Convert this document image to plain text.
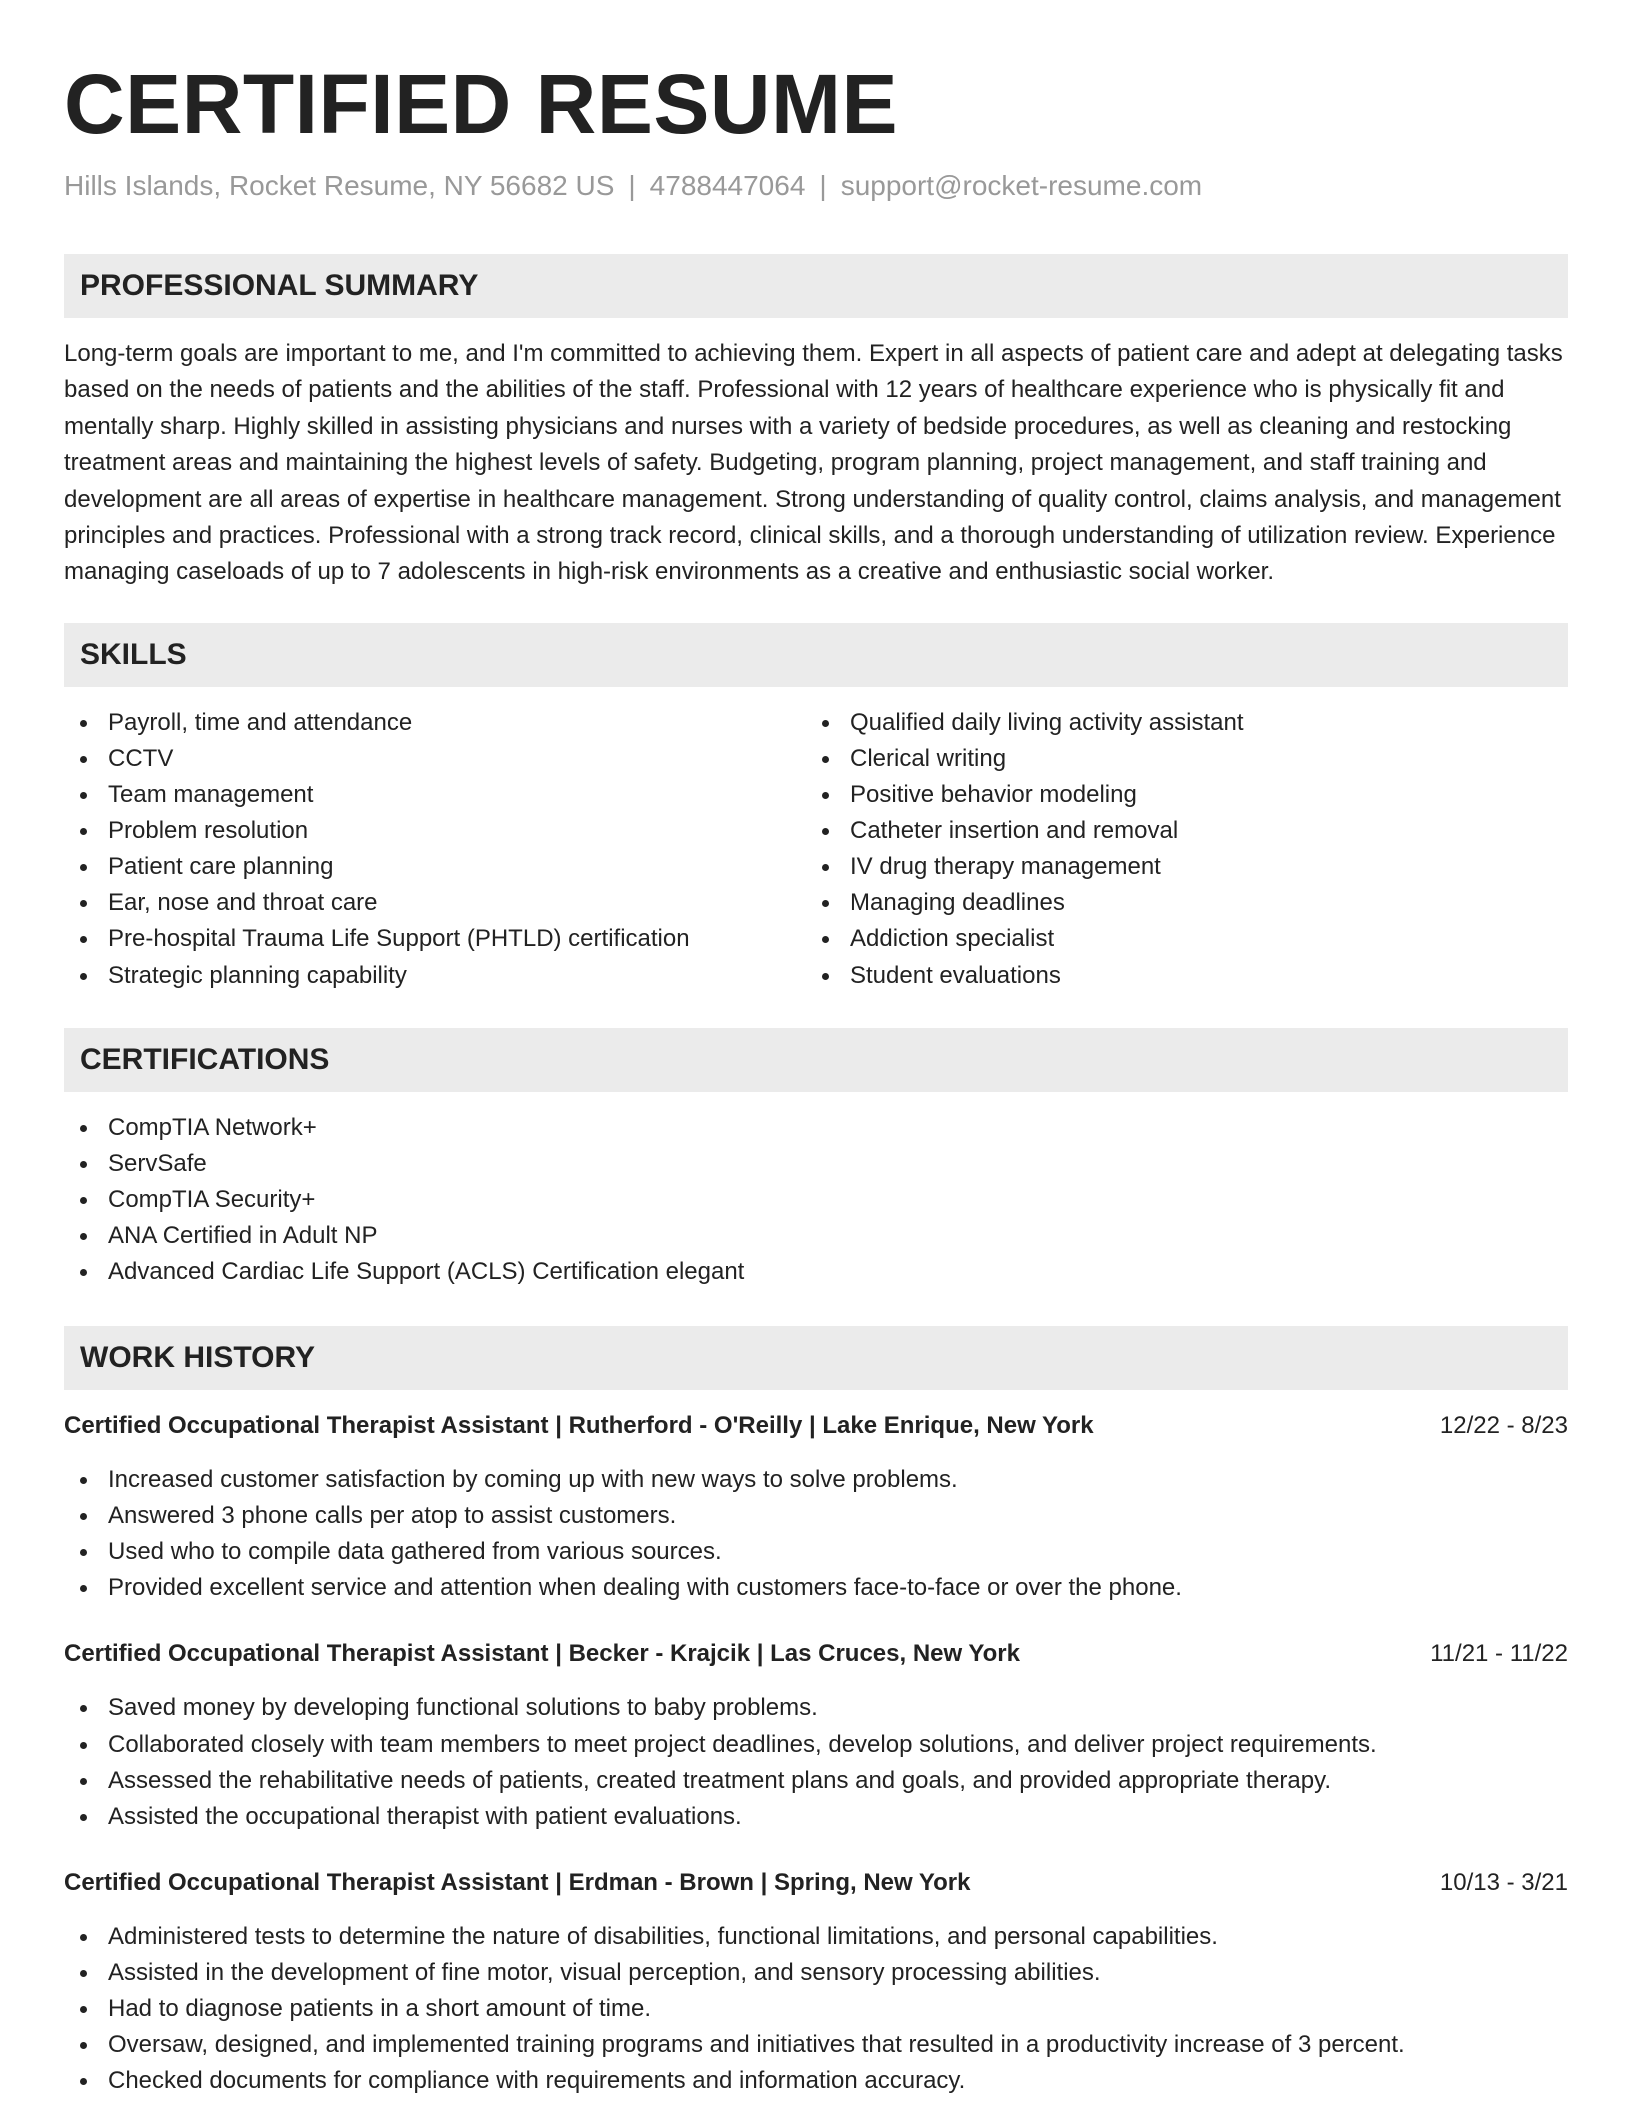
CERTIFIED RESUME
Hills Islands, Rocket Resume, NY 56682 US | 4788447064 | support@rocket-resume.com
PROFESSIONAL SUMMARY

Long-term goals are important to me, and I'm committed to achieving them. Expert in all aspects of patient care and adept at delegating tasks based on the needs of patients and the abilities of the staff. Professional with 12 years of healthcare experience who is physically fit and mentally sharp. Highly skilled in assisting physicians and nurses with a variety of bedside procedures, as well as cleaning and restocking treatment areas and maintaining the highest levels of safety. Budgeting, program planning, project management, and staff training and development are all areas of expertise in healthcare management. Strong understanding of quality control, claims analysis, and management principles and practices. Professional with a strong track record, clinical skills, and a thorough understanding of utilization review. Experience managing caseloads of up to 7 adolescents in high-risk environments as a creative and enthusiastic social worker.

SKILLS
Payroll, time and attendance
CCTV
Team management
Problem resolution
Patient care planning
Ear, nose and throat care
Pre-hospital Trauma Life Support (PHTLD) certification
Strategic planning capability
Qualified daily living activity assistant
Clerical writing
Positive behavior modeling
Catheter insertion and removal
IV drug therapy management
Managing deadlines
Addiction specialist
Student evaluations
CERTIFICATIONS
CompTIA Network+
ServSafe
CompTIA Security+
ANA Certified in Adult NP
Advanced Cardiac Life Support (ACLS) Certification elegant
WORK HISTORY
Certified Occupational Therapist Assistant | Rutherford - O'Reilly | Lake Enrique, New York	12/22 - 8/23
Increased customer satisfaction by coming up with new ways to solve problems.
Answered 3 phone calls per atop to assist customers.
Used who to compile data gathered from various sources.
Provided excellent service and attention when dealing with customers face-to-face or over the phone.
Certified Occupational Therapist Assistant | Becker - Krajcik | Las Cruces, New York	11/21 - 11/22
Saved money by developing functional solutions to baby problems.
Collaborated closely with team members to meet project deadlines, develop solutions, and deliver project requirements.
Assessed the rehabilitative needs of patients, created treatment plans and goals, and provided appropriate therapy.
Assisted the occupational therapist with patient evaluations.
Certified Occupational Therapist Assistant | Erdman - Brown | Spring, New York	10/13 - 3/21
Administered tests to determine the nature of disabilities, functional limitations, and personal capabilities.
Assisted in the development of fine motor, visual perception, and sensory processing abilities.
Had to diagnose patients in a short amount of time.
Oversaw, designed, and implemented training programs and initiatives that resulted in a productivity increase of 3 percent.
Checked documents for compliance with requirements and information accuracy.
